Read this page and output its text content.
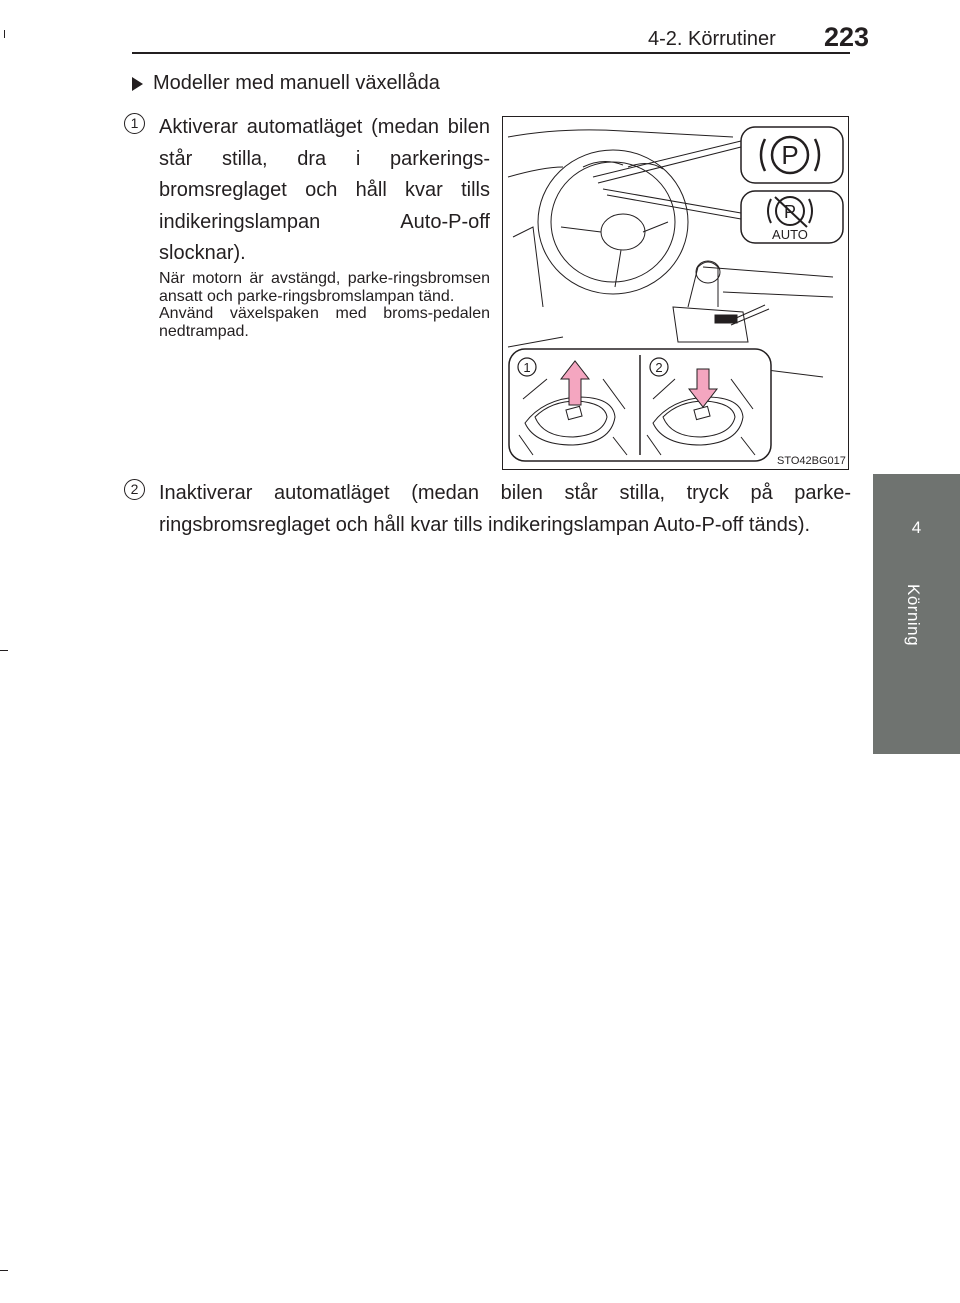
4-2. Körrutiner 223
4
Körning
Modeller med manuell växellåda
1	Aktiverar automatläget (medan bilen står stilla, dra i parkerings-bromsreglaget och håll kvar tills indikeringslampan Auto-P-off slocknar).

När motorn är avstängd, parke-ringsbromsen ansatt och parke-ringsbromslampan tänd.

Använd växelspaken med broms-pedalen nedtrampad.

P
P
AUTO
1	2
STO42BG017
2	Inaktiverar automatläget (medan bilen står stilla, tryck på parke-ringsbromsreglaget och håll kvar tills indikeringslampan Auto-P-off tänds).
